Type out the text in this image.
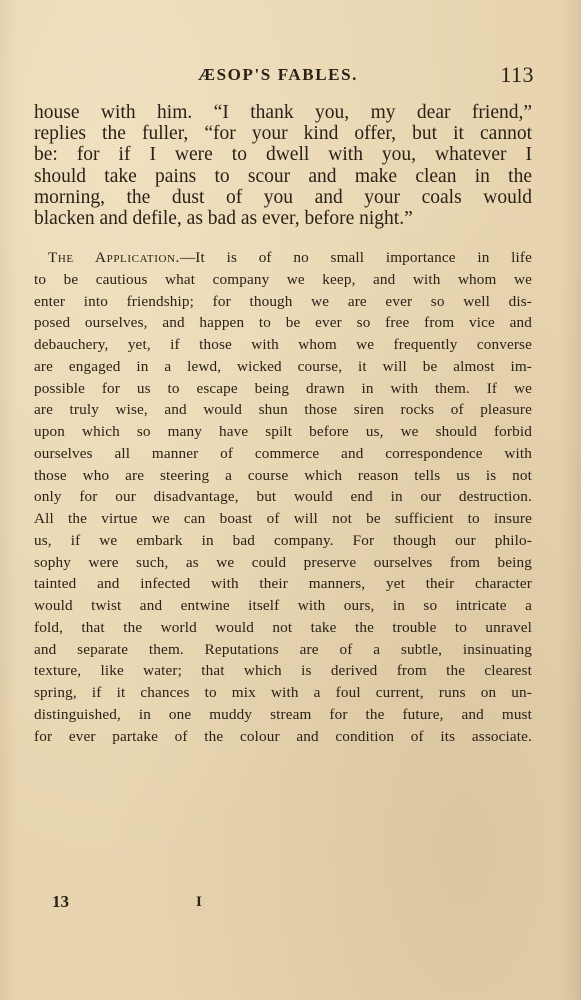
ÆSOP'S FABLES.	113
house with him. “I thank you, my dear friend,”
replies the fuller, “for your kind offer, but it cannot
be: for if I were to dwell with you, whatever I
should take pains to scour and make clean in the
morning, the dust of you and your coals would
blacken and defile, as bad as ever, before night.”
The Application.—It is of no small importance in life
to be cautious what company we keep, and with whom we
enter into friendship; for though we are ever so well dis-
posed ourselves, and happen to be ever so free from vice and
debauchery, yet, if those with whom we frequently converse
are engaged in a lewd, wicked course, it will be almost im-
possible for us to escape being drawn in with them. If we
are truly wise, and would shun those siren rocks of pleasure
upon which so many have spilt before us, we should forbid
ourselves all manner of commerce and correspondence with
those who are steering a course which reason tells us is not
only for our disadvantage, but would end in our destruction.
All the virtue we can boast of will not be sufficient to insure
us, if we embark in bad company. For though our philo-
sophy were such, as we could preserve ourselves from being
tainted and infected with their manners, yet their character
would twist and entwine itself with ours, in so intricate a
fold, that the world would not take the trouble to unravel
and separate them. Reputations are of a subtle, insinuating
texture, like water; that which is derived from the clearest
spring, if it chances to mix with a foul current, runs on un-
distinguished, in one muddy stream for the future, and must
for ever partake of the colour and condition of its associate.
13	I
